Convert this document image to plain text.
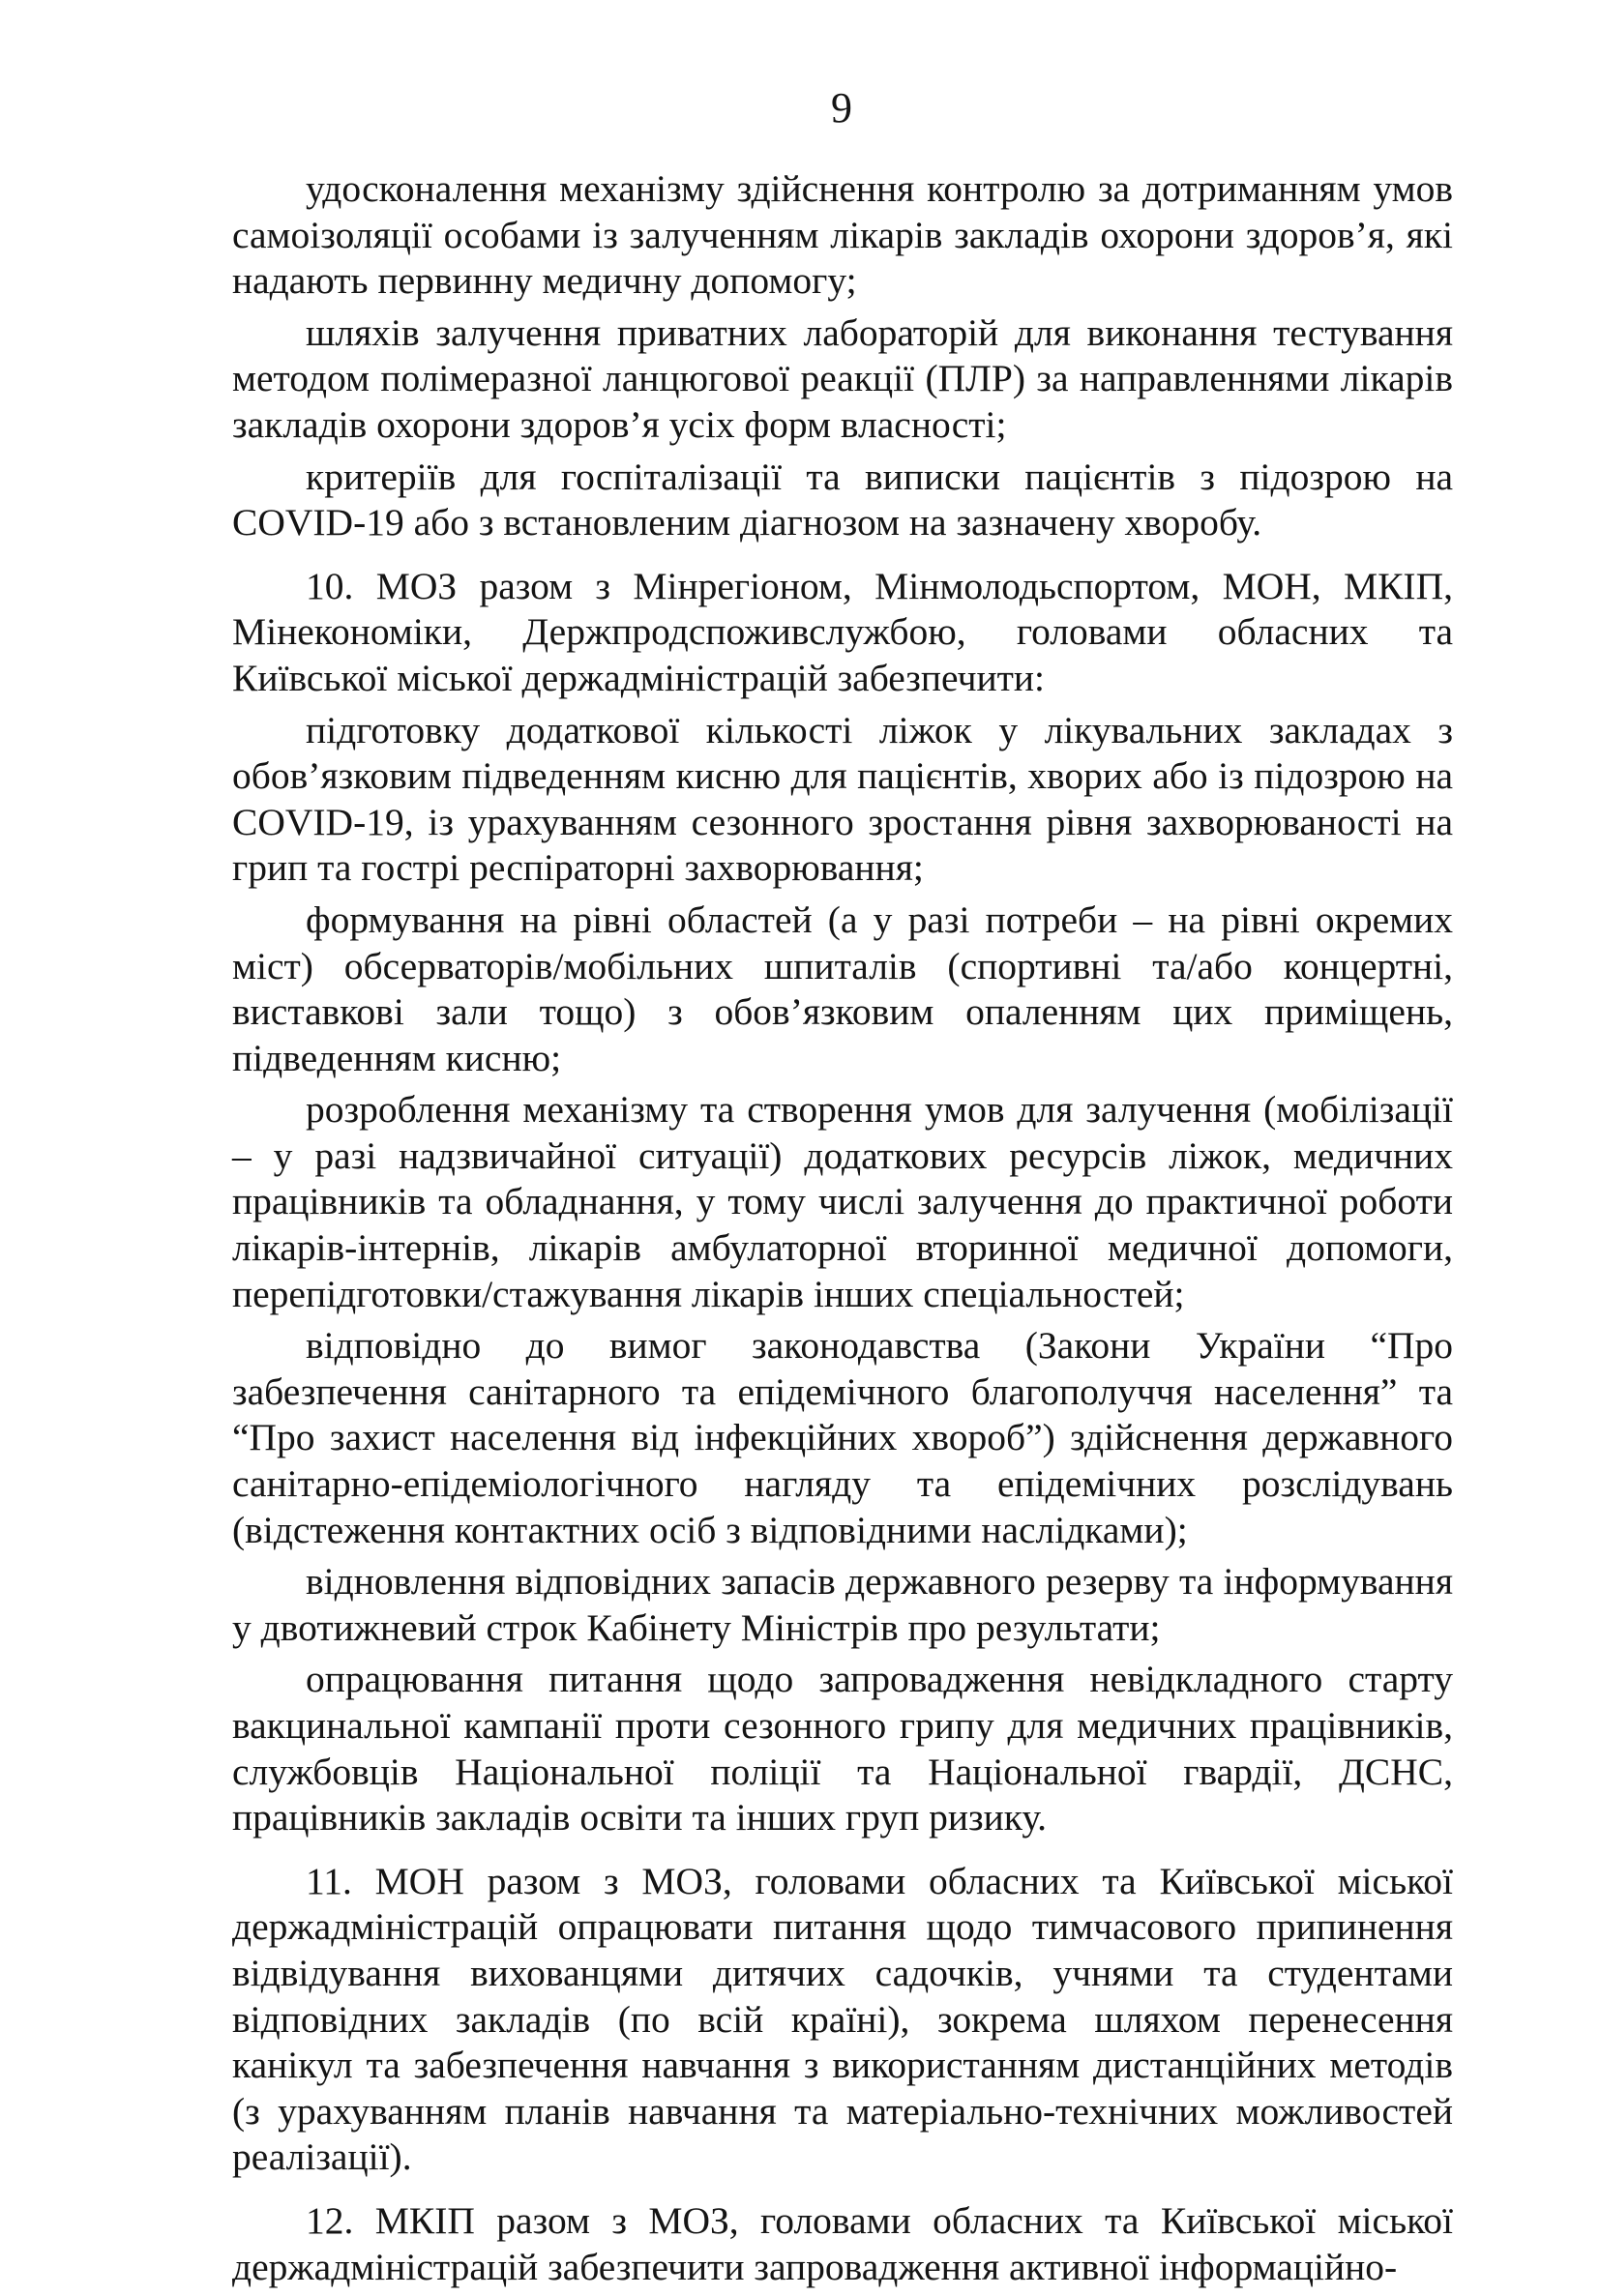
9

удосконалення механізму здійснення контролю за дотриманням умов самоізоляції особами із залученням лікарів закладів охорони здоров’я, які надають первинну медичну допомогу;

шляхів залучення приватних лабораторій для виконання тестування методом полімеразної ланцюгової реакції (ПЛР) за направленнями лікарів закладів охорони здоров’я усіх форм власності;

критеріїв для госпіталізації та виписки пацієнтів з підозрою на COVID-19 або з встановленим діагнозом на зазначену хворобу.

10. МОЗ разом з Мінрегіоном, Мінмолодьспортом, МОН, МКІП, Мінекономіки, Держпродспоживслужбою, головами обласних та Київської міської держадміністрацій забезпечити:

підготовку додаткової кількості ліжок у лікувальних закладах з обов’язковим підведенням кисню для пацієнтів, хворих або із підозрою на COVID-19, із урахуванням сезонного зростання рівня захворюваності на грип та гострі респіраторні захворювання;

формування на рівні областей (а у разі потреби – на рівні окремих міст) обсерваторів/мобільних шпиталів (спортивні та/або концертні, виставкові зали тощо) з обов’язковим опаленням цих приміщень, підведенням кисню;

розроблення механізму та створення умов для залучення (мобілізації – у разі надзвичайної ситуації) додаткових ресурсів ліжок, медичних працівників та обладнання, у тому числі залучення до практичної роботи лікарів-інтернів, лікарів амбулаторної вторинної медичної допомоги, перепідготовки/стажування лікарів інших спеціальностей;

відповідно до вимог законодавства (Закони України “Про забезпечення санітарного та епідемічного благополуччя населення” та “Про захист населення від інфекційних хвороб”) здійснення державного санітарно-епідеміологічного нагляду та епідемічних розслідувань (відстеження контактних осіб з відповідними наслідками);

відновлення відповідних запасів державного резерву та інформування у двотижневий строк Кабінету Міністрів про результати;

опрацювання питання щодо запровадження невідкладного старту вакцинальної кампанії проти сезонного грипу для медичних працівників, службовців Національної поліції та Національної гвардії, ДСНС, працівників закладів освіти та інших груп ризику.

11. МОН разом з МОЗ, головами обласних та Київської міської держадміністрацій опрацювати питання щодо тимчасового припинення відвідування вихованцями дитячих садочків, учнями та студентами відповідних закладів (по всій країні), зокрема шляхом перенесення канікул та забезпечення навчання з використанням дистанційних методів (з урахуванням планів навчання та матеріально-технічних можливостей реалізації).

12. МКІП разом з МОЗ, головами обласних та Київської міської держадміністрацій забезпечити запровадження активної інформаційно-
